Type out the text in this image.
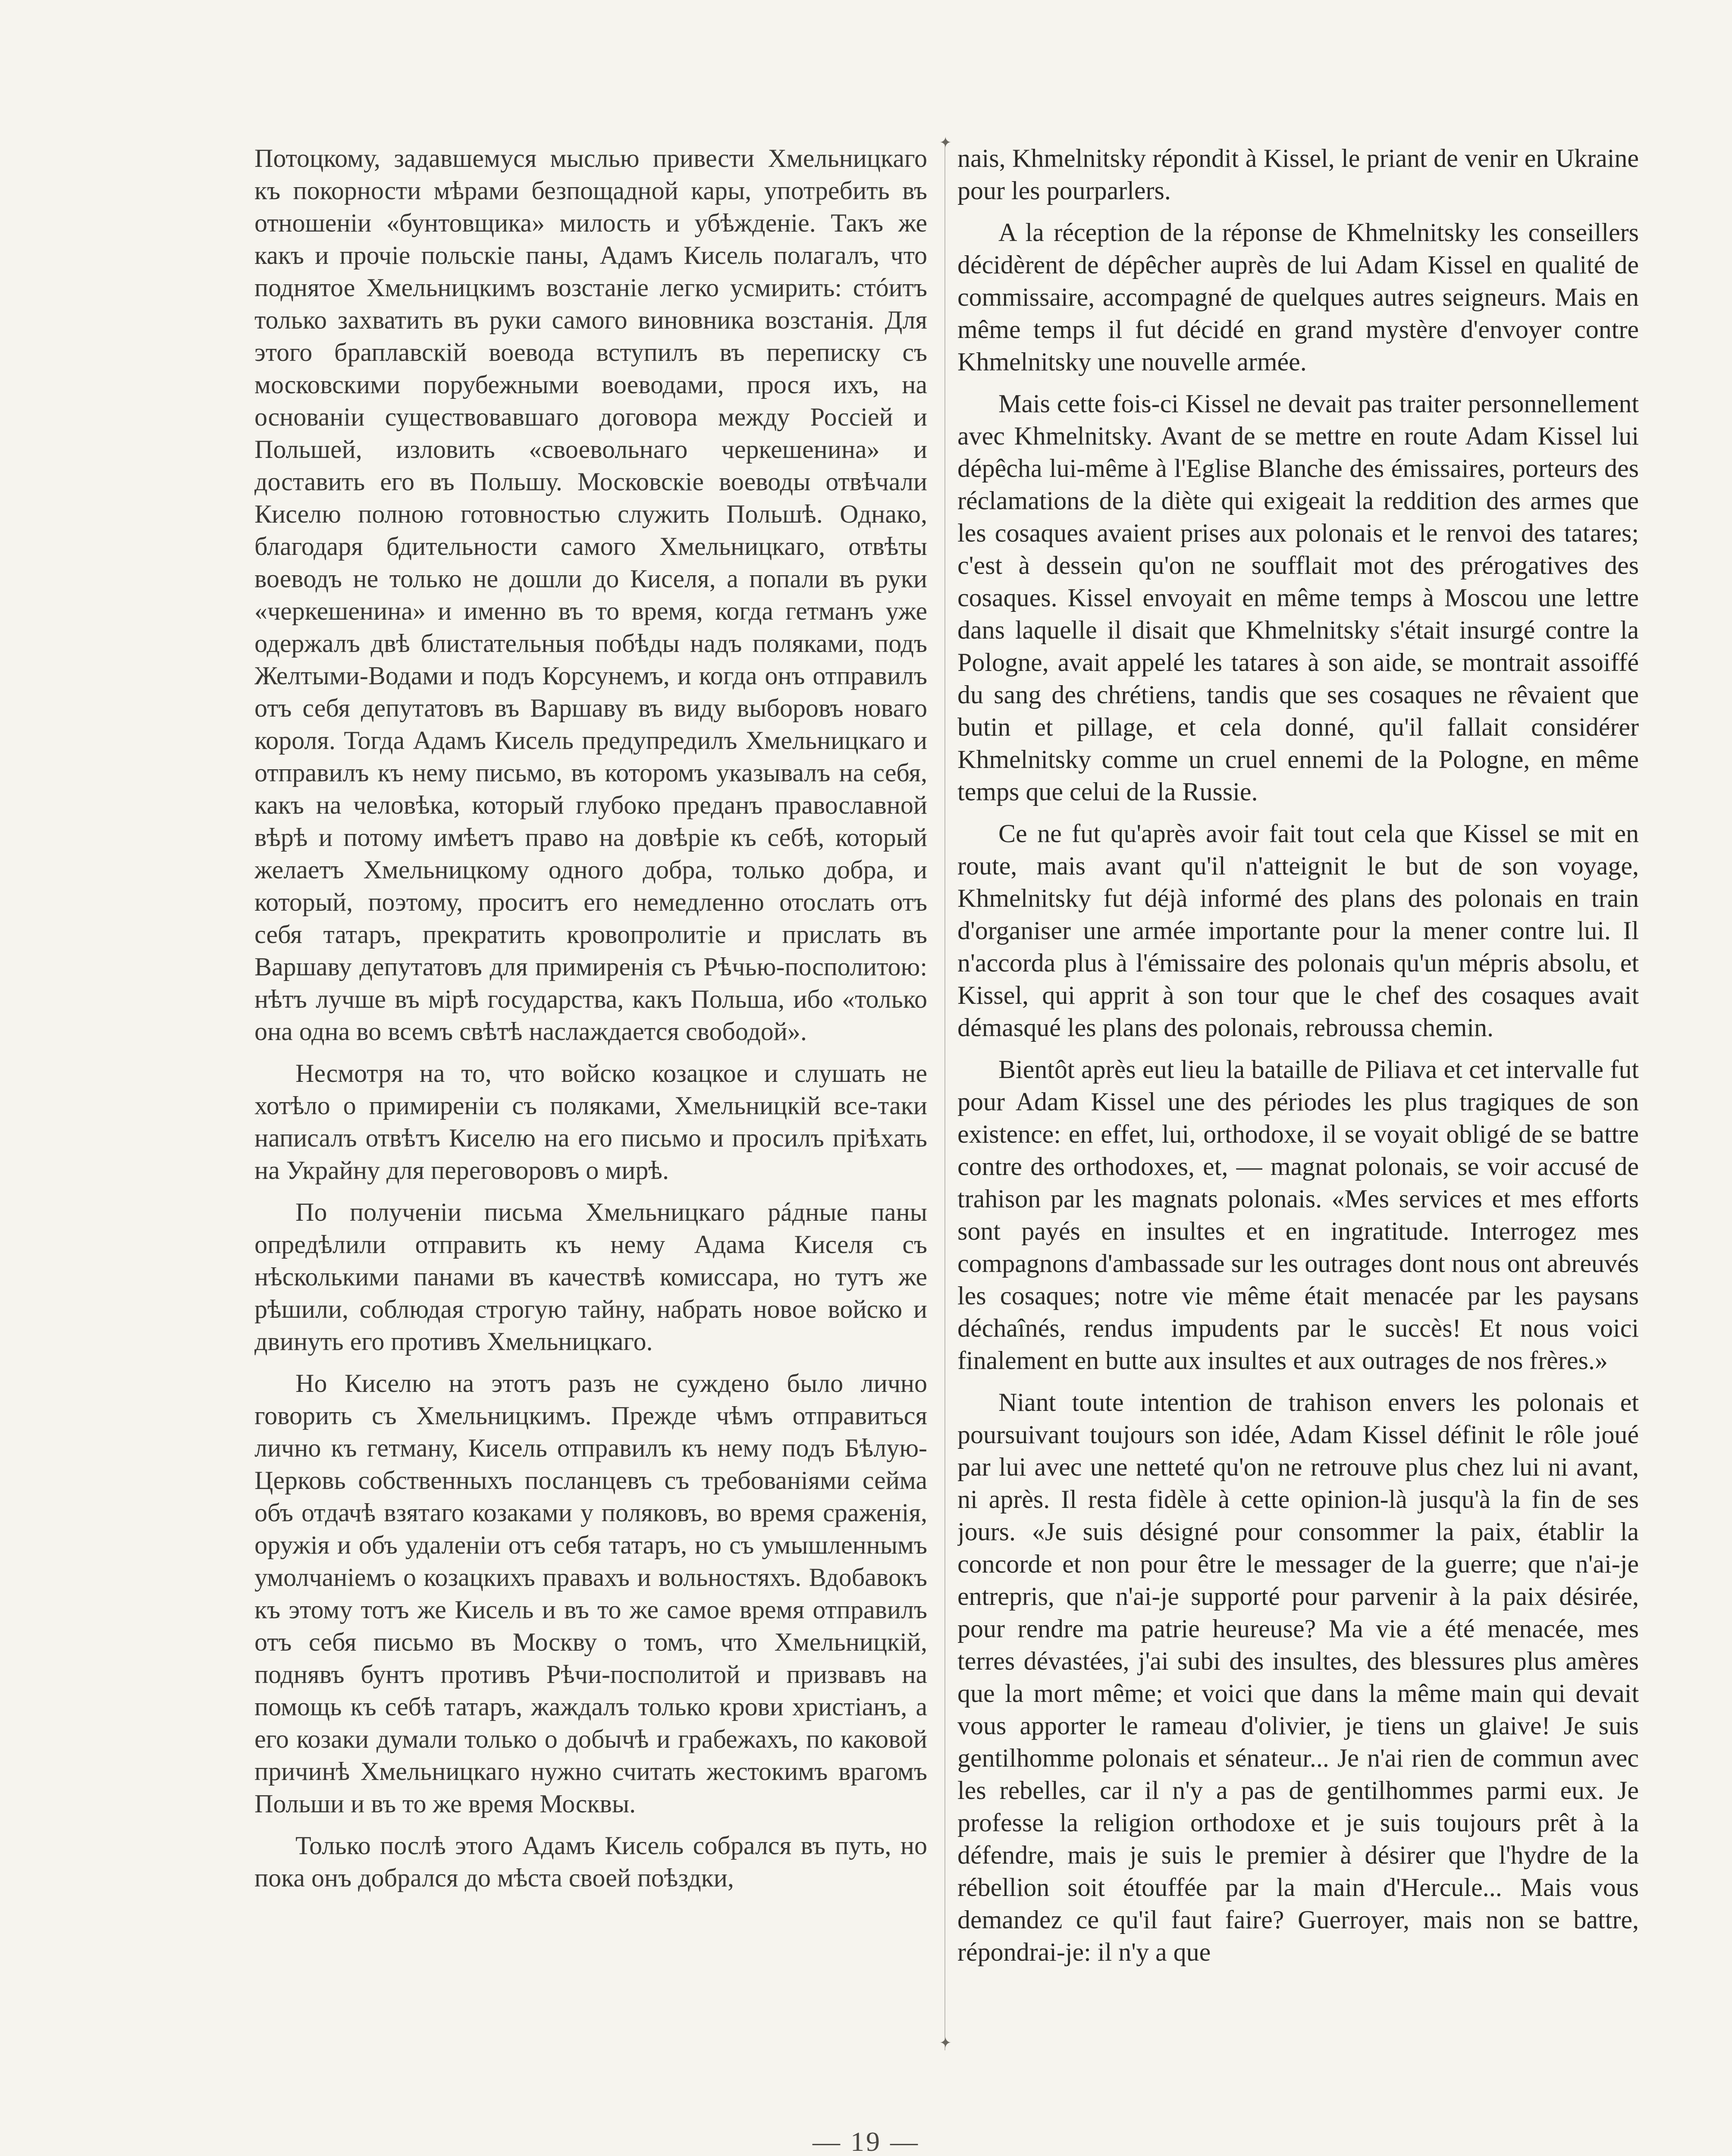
Потоцкому, задавшемуся мыслью привести Хмельницкаго къ покорности мѣрами безпощадной кары, употребить въ отношеніи «бунтовщика» милость и убѣжденіе. Такъ же какъ и прочіе польскіе паны, Адамъ Кисель полагалъ, что поднятое Хмельницкимъ возстаніе легко усмирить: стóитъ только захватить въ руки самого виновника возстанія. Для этого браплавскій воевода вступилъ въ переписку съ московскими порубежными воеводами, прося ихъ, на основаніи существовавшаго договора между Россіей и Польшей, изловить «своевольнаго черкешенина» и доставить его въ Польшу. Московскіе воеводы отвѣчали Киселю полною готовностью служить Польшѣ. Однако, благодаря бдительности самого Хмельницкаго, отвѣты воеводъ не только не дошли до Киселя, а попали въ руки «черкешенина» и именно въ то время, когда гетманъ уже одержалъ двѣ блистательныя побѣды надъ поляками, подъ Желтыми-Водами и подъ Корсунемъ, и когда онъ отправилъ отъ себя депутатовъ въ Варшаву въ виду выборовъ новаго короля. Тогда Адамъ Кисель предупредилъ Хмельницкаго и отправилъ къ нему письмо, въ которомъ указывалъ на себя, какъ на человѣка, который глубоко преданъ православной вѣрѣ и потому имѣетъ право на довѣріе къ себѣ, который желаетъ Хмельницкому одного добра, только добра, и который, поэтому, проситъ его немедленно отослать отъ себя татаръ, прекратить кровопролитіе и прислать въ Варшаву депутатовъ для примиренія съ Рѣчью-посполитою: нѣтъ лучше въ мірѣ государства, какъ Польша, ибо «только она одна во всемъ свѣтѣ наслаждается свободой».

Несмотря на то, что войско козацкое и слушать не хотѣло о примиреніи съ поляками, Хмельницкій все-таки написалъ отвѣтъ Киселю на его письмо и просилъ пріѣхать на Украйну для переговоровъ о мирѣ.

По полученіи письма Хмельницкаго рáдные паны опредѣлили отправить къ нему Адама Киселя съ нѣсколькими панами въ качествѣ комиссара, но тутъ же рѣшили, соблюдая строгую тайну, набрать новое войско и двинуть его противъ Хмельницкаго.

Но Киселю на этотъ разъ не суждено было лично говорить съ Хмельницкимъ. Прежде чѣмъ отправиться лично къ гетману, Кисель отправилъ къ нему подъ Бѣлую-Церковь собственныхъ посланцевъ съ требованіями сейма объ отдачѣ взятаго козаками у поляковъ, во время сраженія, оружія и объ удаленіи отъ себя татаръ, но съ умышленнымъ умолчаніемъ о козацкихъ правахъ и вольностяхъ. Вдобавокъ къ этому тотъ же Кисель и въ то же самое время отправилъ отъ себя письмо въ Москву о томъ, что Хмельницкій, поднявъ бунтъ противъ Рѣчи-посполитой и призвавъ на помощь къ себѣ татаръ, жаждалъ только крови христіанъ, а его козаки думали только о добычѣ и грабежахъ, по каковой причинѣ Хмельницкаго нужно считать жестокимъ врагомъ Польши и въ то же время Москвы.

Только послѣ этого Адамъ Кисель собрался въ путь, но пока онъ добрался до мѣста своей поѣздки,

✦
✦

nais, Khmelnitsky répondit à Kissel, le priant de venir en Ukraine pour les pourparlers.

A la réception de la réponse de Khmelnitsky les conseillers décidèrent de dépêcher auprès de lui Adam Kissel en qualité de commissaire, accompagné de quelques autres seigneurs. Mais en même temps il fut décidé en grand mystère d'envoyer contre Khmelnitsky une nouvelle armée.

Mais cette fois-ci Kissel ne devait pas traiter personnellement avec Khmelnitsky. Avant de se mettre en route Adam Kissel lui dépêcha lui-même à l'Eglise Blanche des émissaires, porteurs des réclamations de la diète qui exigeait la reddition des armes que les cosaques avaient prises aux polonais et le renvoi des tatares; c'est à dessein qu'on ne soufflait mot des prérogatives des cosaques. Kissel envoyait en même temps à Moscou une lettre dans laquelle il disait que Khmelnitsky s'était insurgé contre la Pologne, avait appelé les tatares à son aide, se montrait assoiffé du sang des chrétiens, tandis que ses cosaques ne rêvaient que butin et pillage, et cela donné, qu'il fallait considérer Khmelnitsky comme un cruel ennemi de la Pologne, en même temps que celui de la Russie.

Ce ne fut qu'après avoir fait tout cela que Kissel se mit en route, mais avant qu'il n'atteignit le but de son voyage, Khmelnitsky fut déjà informé des plans des polonais en train d'organiser une armée importante pour la mener contre lui. Il n'accorda plus à l'émissaire des polonais qu'un mépris absolu, et Kissel, qui apprit à son tour que le chef des cosaques avait démasqué les plans des polonais, rebroussa chemin.

Bientôt après eut lieu la bataille de Piliava et cet intervalle fut pour Adam Kissel une des périodes les plus tragiques de son existence: en effet, lui, orthodoxe, il se voyait obligé de se battre contre des orthodoxes, et, — magnat polonais, se voir accusé de trahison par les magnats polonais. «Mes services et mes efforts sont payés en insultes et en ingratitude. Interrogez mes compagnons d'ambassade sur les outrages dont nous ont abreuvés les cosaques; notre vie même était menacée par les paysans déchaînés, rendus impudents par le succès! Et nous voici finalement en butte aux insultes et aux outrages de nos frères.»

Niant toute intention de trahison envers les polonais et poursuivant toujours son idée, Adam Kissel définit le rôle joué par lui avec une netteté qu'on ne retrouve plus chez lui ni avant, ni après. Il resta fidèle à cette opinion-là jusqu'à la fin de ses jours. «Je suis désigné pour consommer la paix, établir la concorde et non pour être le messager de la guerre; que n'ai-je entrepris, que n'ai-je supporté pour parvenir à la paix désirée, pour rendre ma patrie heureuse? Ma vie a été menacée, mes terres dévastées, j'ai subi des insultes, des blessures plus amères que la mort même; et voici que dans la même main qui devait vous apporter le rameau d'olivier, je tiens un glaive! Je suis gentilhomme polonais et sénateur... Je n'ai rien de commun avec les rebelles, car il n'y a pas de gentilhommes parmi eux. Je professe la religion orthodoxe et je suis toujours prêt à la défendre, mais je suis le premier à désirer que l'hydre de la rébellion soit étouffée par la main d'Hercule... Mais vous demandez ce qu'il faut faire? Guerroyer, mais non se battre, répondrai-je: il n'y a que

— 19 —
